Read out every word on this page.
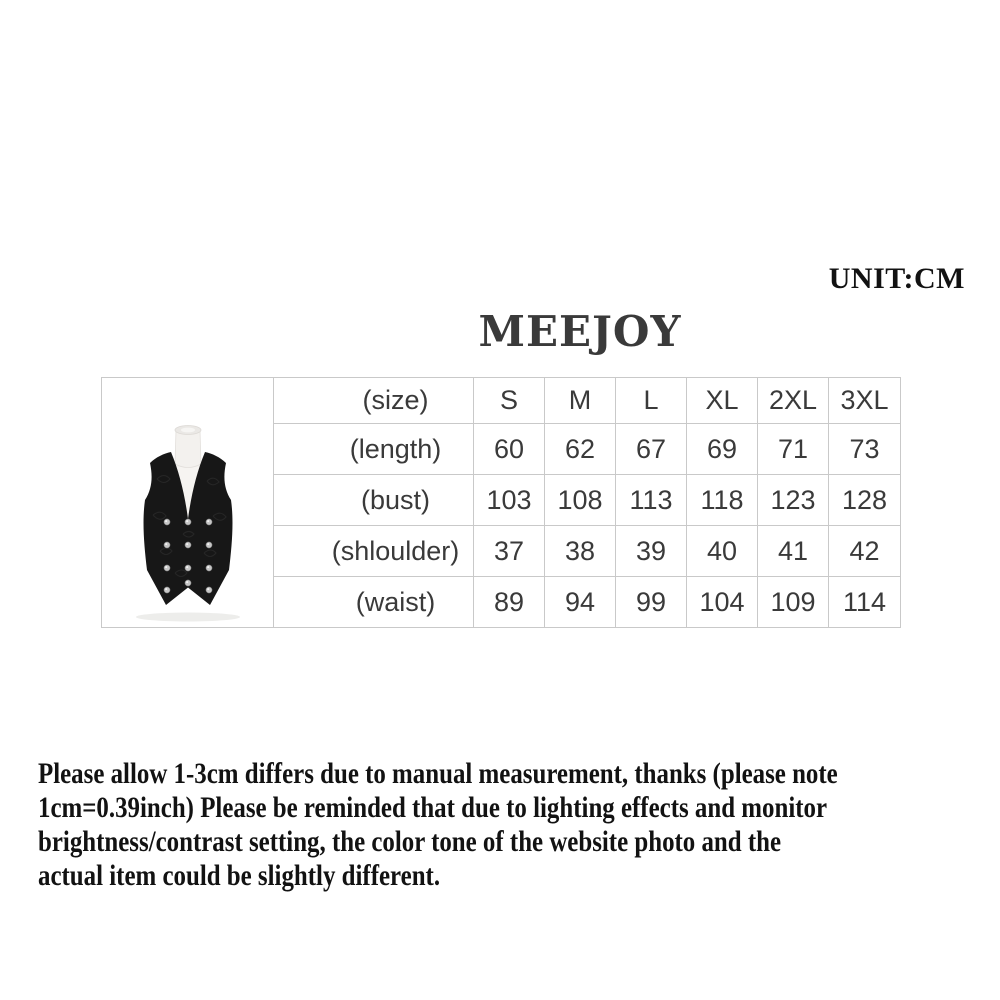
UNIT:CM
MEEJOY
	(size)	S	M	L	XL	2XL	3XL
	(length)	60	62	67	69	71	73
	(bust)	103	108	113	118	123	128
	(shloulder)	37	38	39	40	41	42
	(waist)	89	94	99	104	109	114
Please allow 1-3cm differs due to manual measurement, thanks (please note
1cm=0.39inch) Please be reminded that due to lighting effects and monitor
brightness/contrast setting, the color tone of the website photo and the
actual item could be slightly different.
